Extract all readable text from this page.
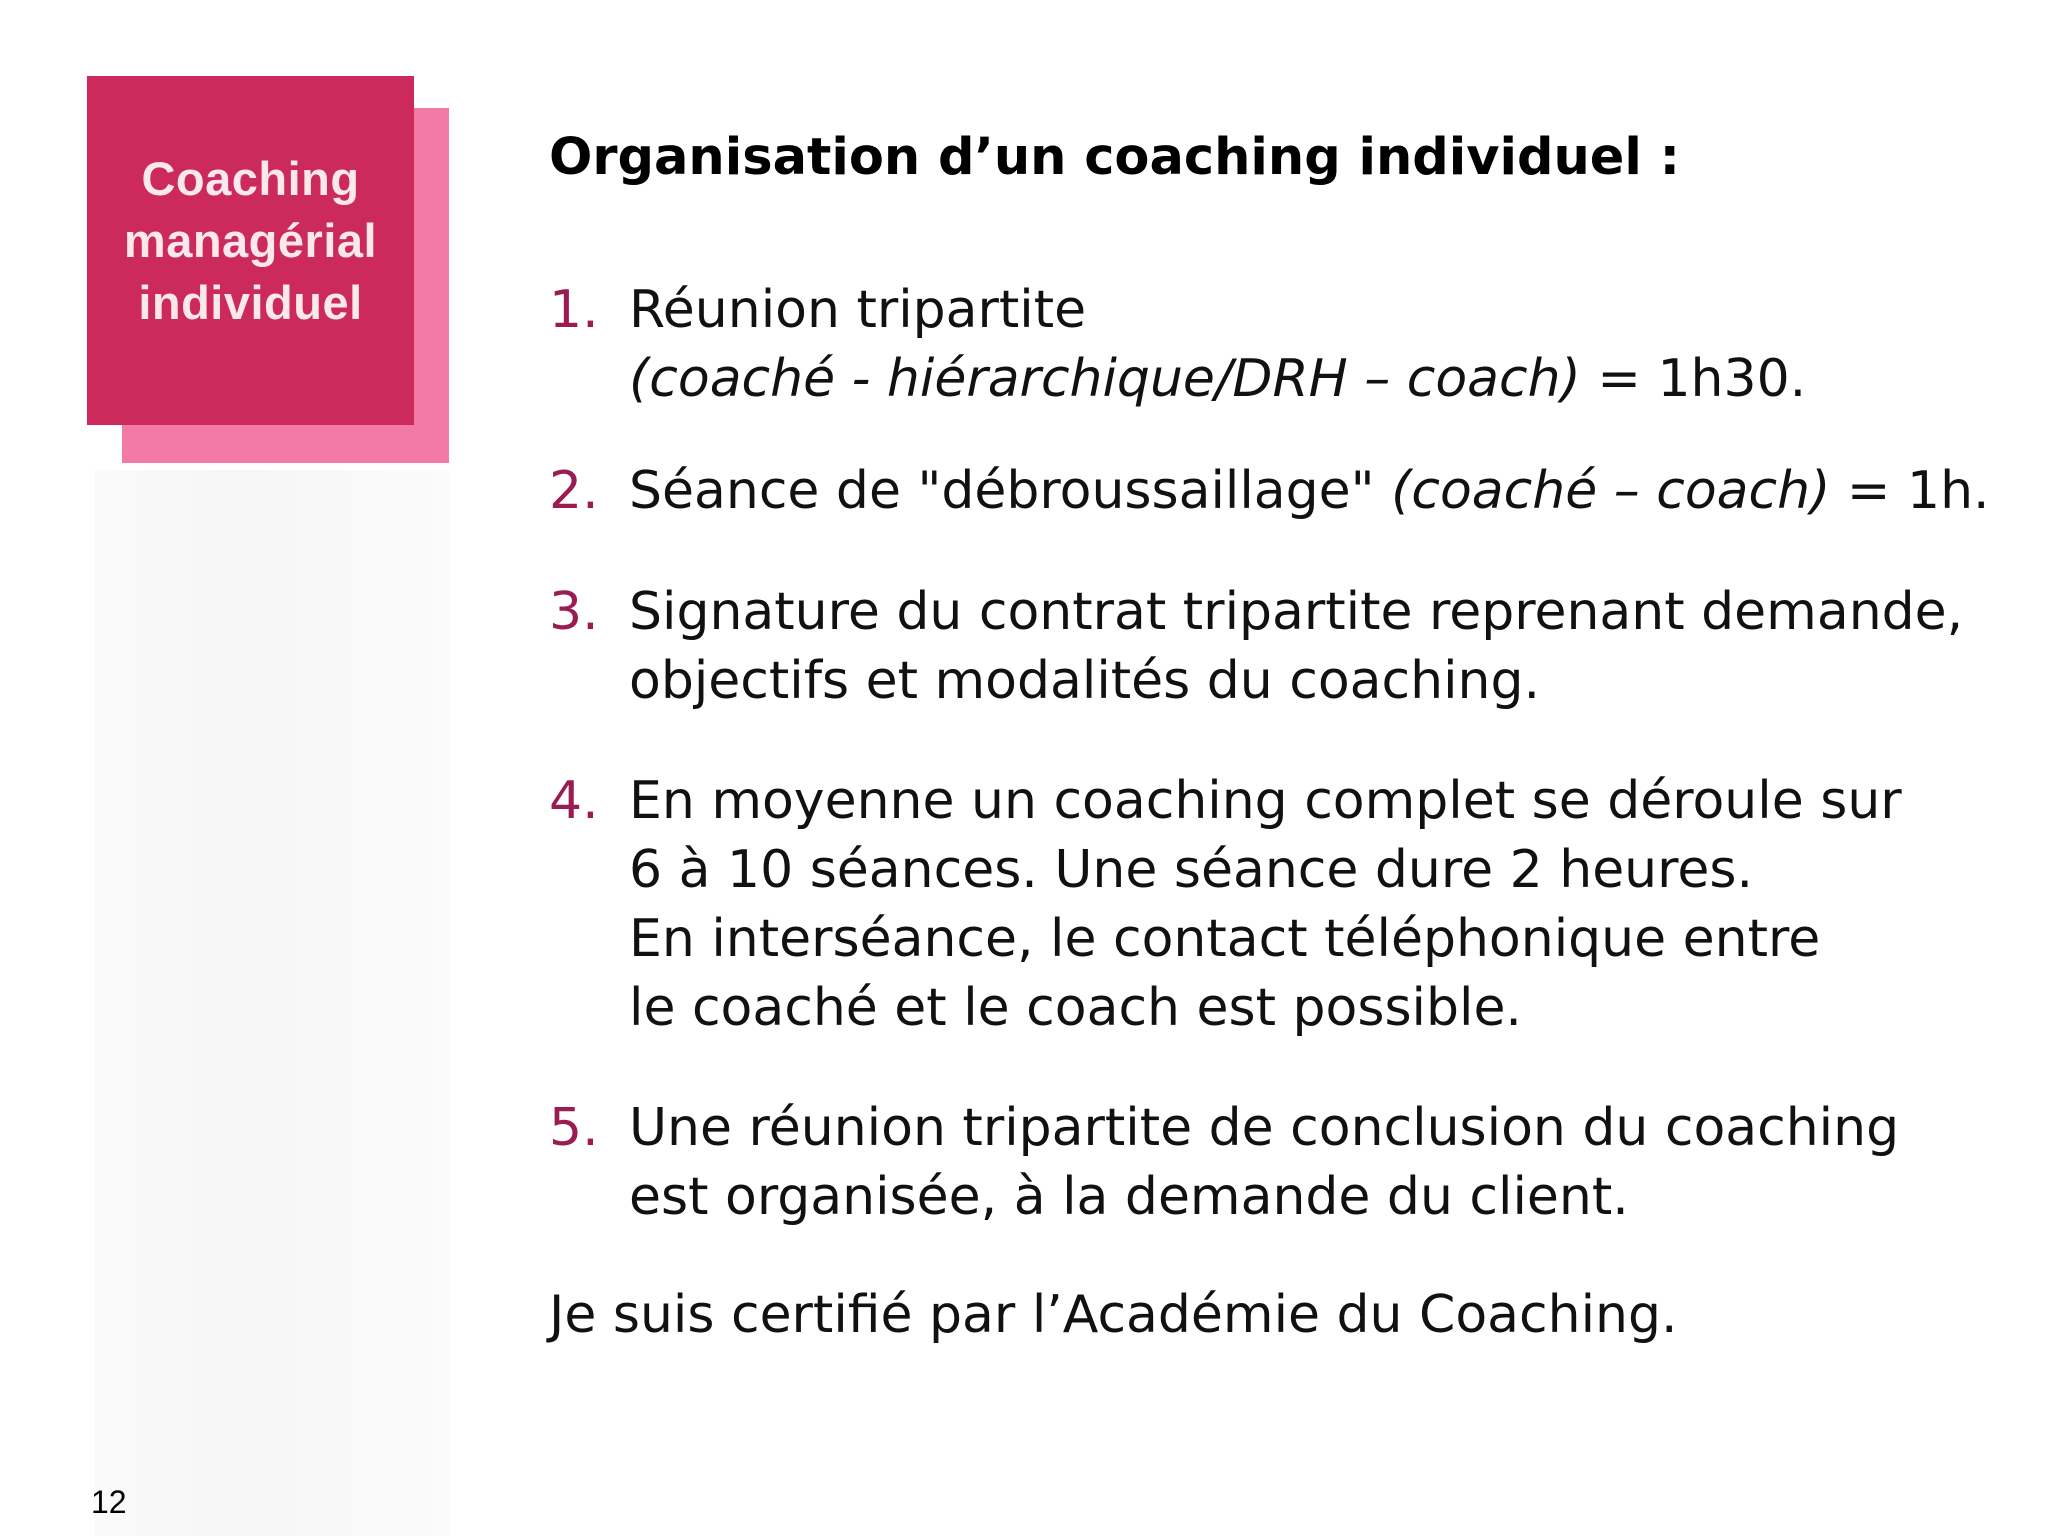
Coaching
managérial
individuel
Organisation d’un coaching individuel :
1. Réunion tripartite
(coaché - hiérarchique/DRH – coach) = 1h30.
2. Séance de "débroussaillage" (coaché – coach) = 1h.
3. Signature du contrat tripartite reprenant demande,
objectifs et modalités du coaching.
4. En moyenne un coaching complet se déroule sur
6 à 10 séances. Une séance dure 2 heures.
En interséance, le contact téléphonique entre
le coaché et le coach est possible.
5. Une réunion tripartite de conclusion du coaching
est organisée, à la demande du client.
Je suis certifié par l’Académie du Coaching.
12
